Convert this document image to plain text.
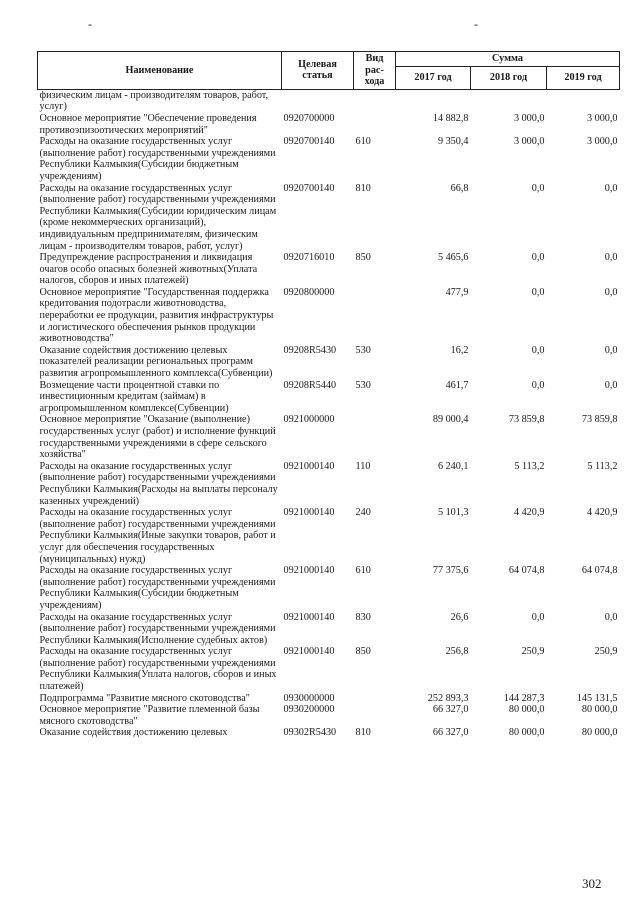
-	-
Наименование	Целевая статья	Вид рас-хода	Сумма		
			2017 год	2018 год	2019 год
физическим лицам - производителям товаров, работ, услуг)					
Основное мероприятие "Обеспечение проведения противоэпизоотических мероприятий"	0920700000		14 882,8	3 000,0	3 000,0
Расходы на оказание государственных услуг (выполнение работ) государственными учреждениями Республики Калмыкия(Субсидии бюджетным учреждениям)	0920700140	610	9 350,4	3 000,0	3 000,0
Расходы на оказание государственных услуг (выполнение работ) государственными учреждениями Республики Калмыкия(Субсидии юридическим лицам (кроме некоммерческих организаций), индивидуальным предпринимателям, физическим лицам - производителям товаров, работ, услуг)	0920700140	810	66,8	0,0	0,0
Предупреждение распространения и ликвидация очагов особо опасных болезней животных(Уплата налогов, сборов и иных платежей)	0920716010	850	5 465,6	0,0	0,0
Основное мероприятие "Государственная поддержка кредитования подотрасли животноводства, переработки ее продукции, развития инфраструктуры и логистического обеспечения рынков продукции животноводства"	0920800000		477,9	0,0	0,0
Оказание содействия достижению целевых показателей реализации региональных программ развития агропромышленного комплекса(Субвенции)	09208R5430	530	16,2	0,0	0,0
Возмещение части процентной ставки по инвестиционным кредитам (займам) в агропромышленном комплексе(Субвенции)	09208R5440	530	461,7	0,0	0,0
Основное мероприятие "Оказание (выполнение) государственных услуг (работ) и исполнение функций государственными учреждениями в сфере сельского хозяйства"	0921000000		89 000,4	73 859,8	73 859,8
Расходы на оказание государственных услуг (выполнение работ) государственными учреждениями Республики Калмыкия(Расходы на выплаты персоналу казенных учреждений)	0921000140	110	6 240,1	5 113,2	5 113,2
Расходы на оказание государственных услуг (выполнение работ) государственными учреждениями Республики Калмыкия(Иные закупки товаров, работ и услуг для обеспечения государственных (муниципальных) нужд)	0921000140	240	5 101,3	4 420,9	4 420,9
Расходы на оказание государственных услуг (выполнение работ) государственными учреждениями Республики Калмыкия(Субсидии бюджетным учреждениям)	0921000140	610	77 375,6	64 074,8	64 074,8
Расходы на оказание государственных услуг (выполнение работ) государственными учреждениями Республики Калмыкия(Исполнение судебных актов)	0921000140	830	26,6	0,0	0,0
Расходы на оказание государственных услуг (выполнение работ) государственными учреждениями Республики Калмыкия(Уплата налогов, сборов и иных платежей)	0921000140	850	256,8	250,9	250,9
Подпрограмма "Развитие мясного скотоводства"	0930000000		252 893,3	144 287,3	145 131,5
Основное мероприятие "Развитие племенной базы мясного скотоводства"	0930200000		66 327,0	80 000,0	80 000,0
Оказание содействия достижению целевых	09302R5430	810	66 327,0	80 000,0	80 000,0
302
